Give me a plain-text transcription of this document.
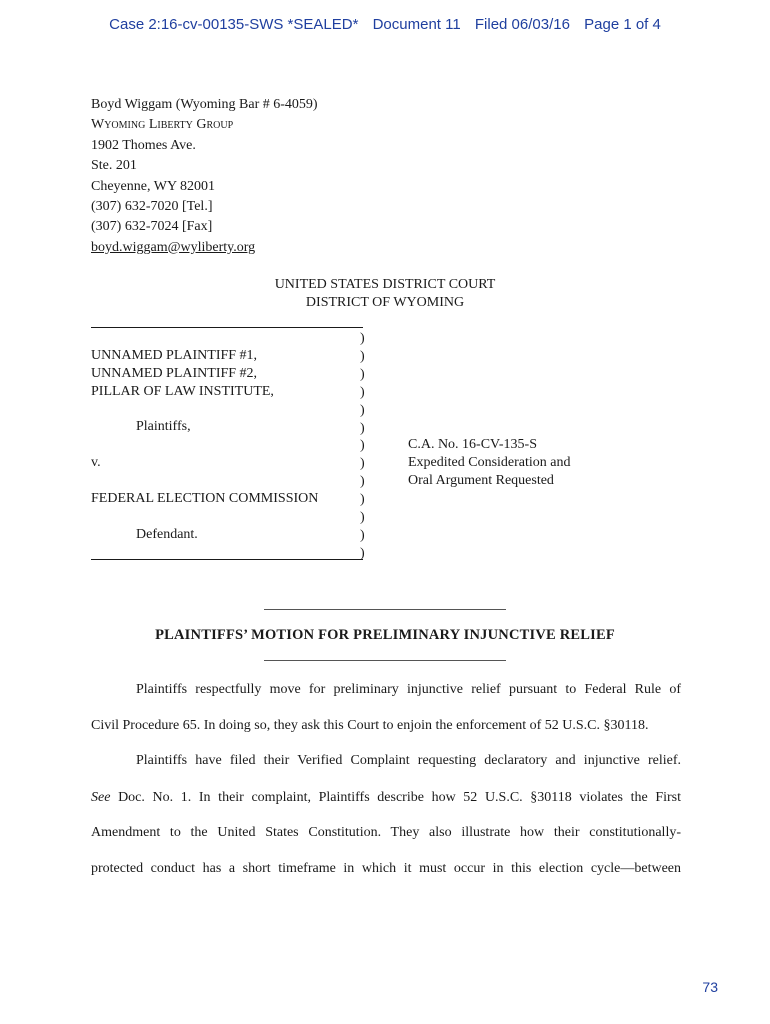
Case 2:16-cv-00135-SWS *SEALED* Document 11 Filed 06/03/16 Page 1 of 4
Boyd Wiggam (Wyoming Bar # 6-4059)
Wyoming Liberty Group
1902 Thomes Ave.
Ste. 201
Cheyenne, WY 82001
(307) 632-7020 [Tel.]
(307) 632-7024 [Fax]
boyd.wiggam@wyliberty.org
UNITED STATES DISTRICT COURT
DISTRICT OF WYOMING
UNNAMED PLAINTIFF #1,
UNNAMED PLAINTIFF #2,
PILLAR OF LAW INSTITUTE,
Plaintiffs,
v.
FEDERAL ELECTION COMMISSION
Defendant.
)
)
)
)
)
)
)
)
)
)
)
)
)
C.A. No. 16-CV-135-S
Expedited Consideration and
Oral Argument Requested
PLAINTIFFS’ MOTION FOR PRELIMINARY INJUNCTIVE RELIEF
Plaintiffs respectfully move for preliminary injunctive relief pursuant to Federal Rule of
Civil Procedure 65. In doing so, they ask this Court to enjoin the enforcement of 52 U.S.C. §30118.
Plaintiffs have filed their Verified Complaint requesting declaratory and injunctive relief.
See Doc. No. 1. In their complaint, Plaintiffs describe how 52 U.S.C. §30118 violates the First
Amendment to the United States Constitution. They also illustrate how their constitutionally-
protected conduct has a short timeframe in which it must occur in this election cycle—between
73
